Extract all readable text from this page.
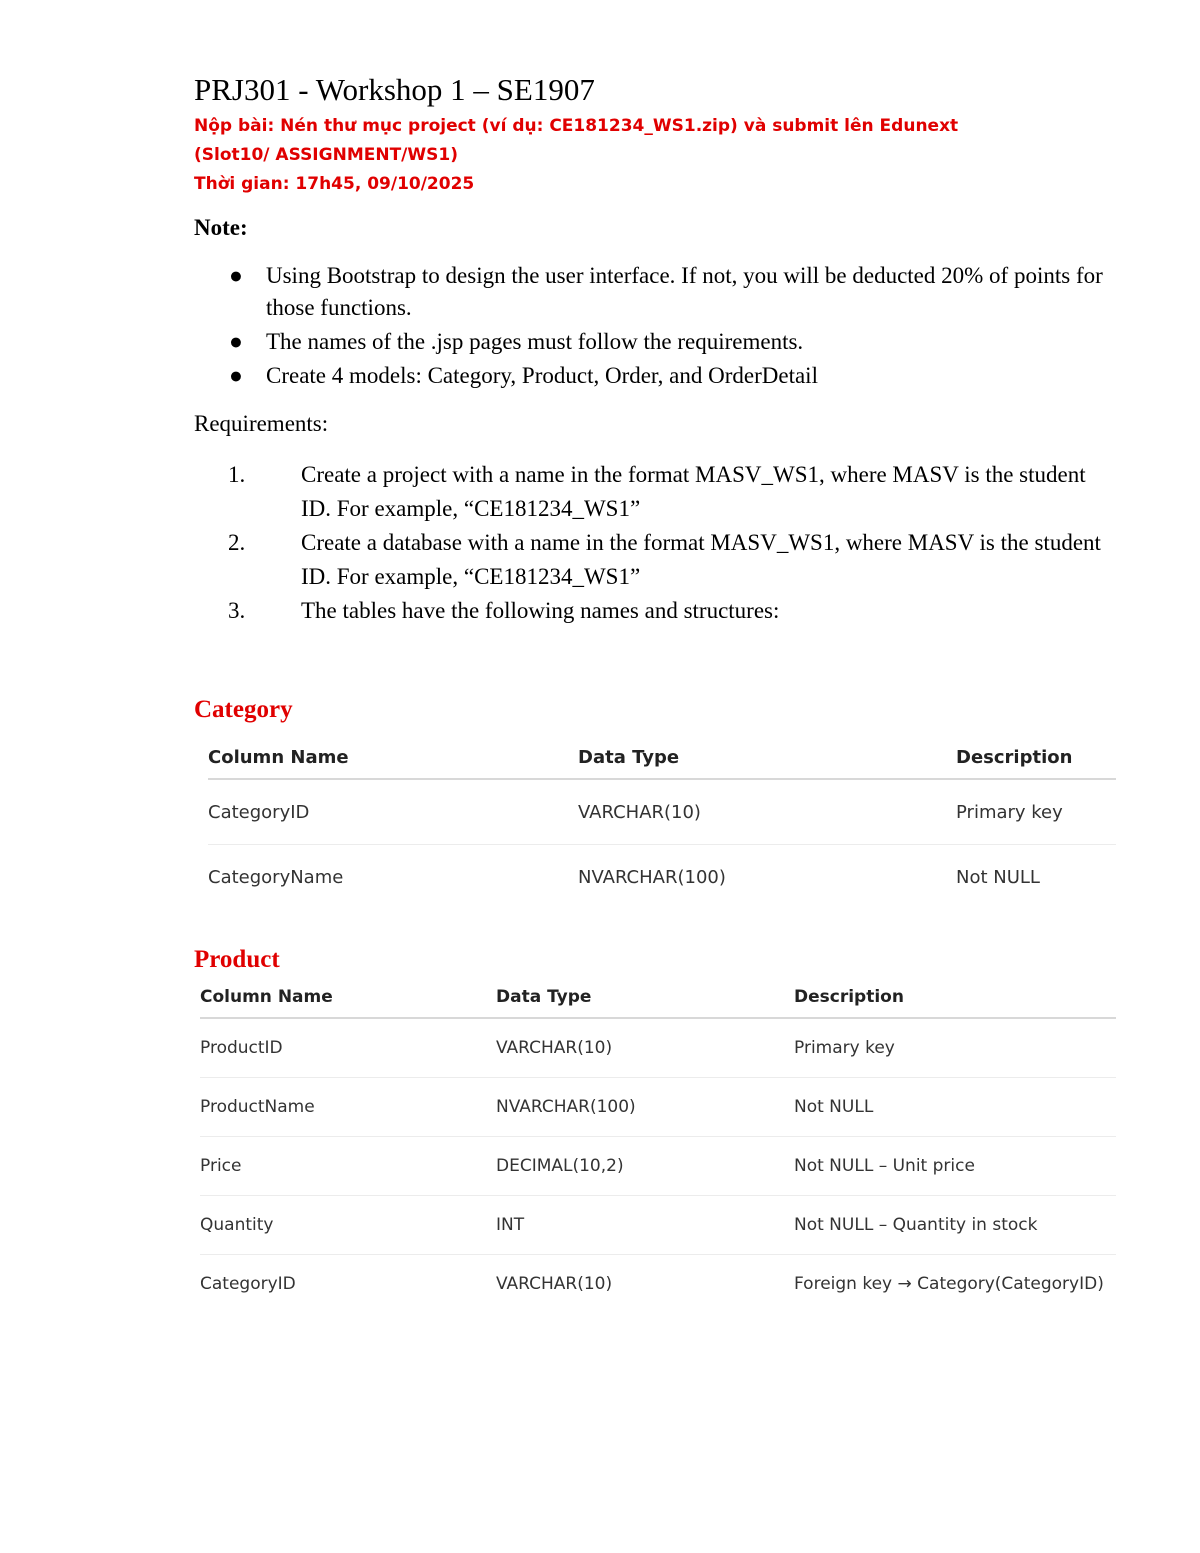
PRJ301 - Workshop 1 – SE1907

Nộp bài: Nén thư mục project (ví dụ: CE181234_WS1.zip) và submit lên Edunext (Slot10/ ASSIGNMENT/WS1)

Thời gian: 17h45, 09/10/2025

Note:
● Using Bootstrap to design the user interface. If not, you will be deducted 20% of points for those functions.
● The names of the .jsp pages must follow the requirements.
● Create 4 models: Category, Product, Order, and OrderDetail
Requirements:
1. Create a project with a name in the format MASV_WS1, where MASV is the student ID. For example, “CE181234_WS1”
2. Create a database with a name in the format MASV_WS1, where MASV is the student ID. For example, “CE181234_WS1”
3. The tables have the following names and structures:
Category
Column Name	Data Type	Description
CategoryID	VARCHAR(10)	Primary key
CategoryName	NVARCHAR(100)	Not NULL
Product
Column Name	Data Type	Description
ProductID	VARCHAR(10)	Primary key
ProductName	NVARCHAR(100)	Not NULL
Price	DECIMAL(10,2)	Not NULL – Unit price
Quantity	INT	Not NULL – Quantity in stock
CategoryID	VARCHAR(10)	Foreign key → Category(CategoryID)
